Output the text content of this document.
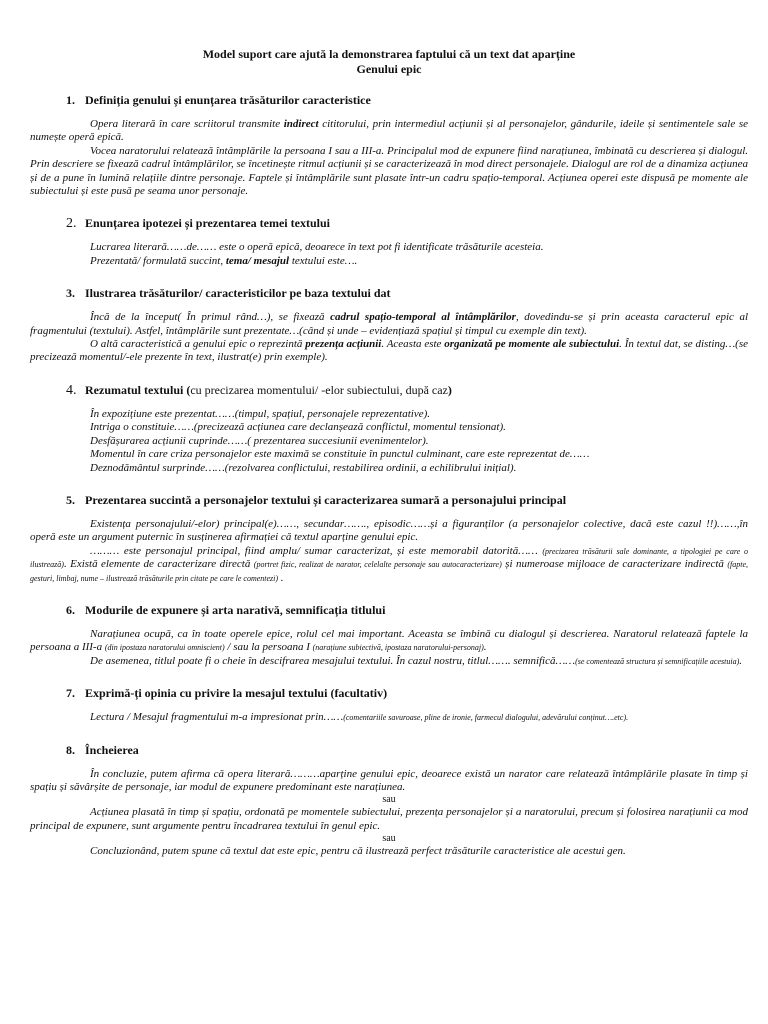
Model suport care ajută la demonstrarea faptului că un text dat aparține
Genului epic
1. Definiția genului și enunțarea trăsăturilor caracteristice
Opera literară în care scriitorul transmite indirect cititorului, prin intermediul acțiunii și al personajelor, gândurile, ideile și sentimentele sale se numește operă epică.
Vocea naratorului relatează întâmplările la persoana I sau a III-a. Principalul mod de expunere fiind narațiunea, îmbinată cu descrierea și dialogul. Prin descriere se fixează cadrul întâmplărilor, se încetinește ritmul acțiunii și se caracterizează în mod direct personajele. Dialogul are rol de a dinamiza acțiunea și de a pune în lumină relațiile dintre personaje. Faptele și întâmplările sunt plasate într-un cadru spațio-temporal. Acțiunea operei este dispusă pe momente ale subiectului și este pusă pe seama unor personaje.
2. Enunțarea ipotezei și prezentarea temei textului
Lucrarea literară……de…… este o operă epică, deoarece în text pot fi identificate trăsăturile acesteia.
Prezentată/ formulată succint, tema/ mesajul textului este….
3. Ilustrarea trăsăturilor/ caracteristicilor pe baza textului dat
Încă de la început( În primul rând…), se fixează cadrul spațio-temporal al întâmplărilor, dovedindu-se și prin aceasta caracterul epic al fragmentului (textului). Astfel, întâmplările sunt prezentate…(când și unde – evidențiază spațiul și timpul cu exemple din text).
O altă caracteristică a genului epic o reprezintă prezența acțiunii. Aceasta este organizată pe momente ale subiectului. În textul dat, se disting…(se precizează momentul/-ele prezente în text, ilustrat(e) prin exemple).
4. Rezumatul textului (cu precizarea momentului/ -elor subiectului, după caz)
În expozițiune este prezentat……(timpul, spațiul, personajele reprezentative).
Intriga o constituie……(precizează acțiunea care declanșează conflictul, momentul tensionat).
Desfășurarea acțiunii cuprinde……( prezentarea succesiunii evenimentelor).
Momentul în care criza personajelor este maximă se constituie în punctul culminant, care este reprezentat de……
Deznodământul surprinde……(rezolvarea conflictului, restabilirea ordinii, a echilibrului inițial).
5. Prezentarea succintă a personajelor textului și caracterizarea sumară a personajului principal
Existența personajului/-elor) principal(e)……, secundar……., episodic……și a figuranților (a personajelor colective, dacă este cazul !!)……,în operă este un argument puternic în susținerea afirmației că textul aparține genului epic.
……… este personajul principal, fiind amplu/ sumar caracterizat, și este memorabil datorită…… (precizarea trăsăturii sale dominante, a tipologiei pe care o ilustrează). Există elemente de caracterizare directă (portret fizic, realizat de narator, celelalte personaje sau autocaracterizare) și numeroase mijloace de caracterizare indirectă (fapte, gesturi, limbaj, nume – ilustrează trăsăturile prin citate pe care le comentezi) .
6. Modurile de expunere și arta narativă, semnificația titlului
Narațiunea ocupă, ca în toate operele epice, rolul cel mai important. Aceasta se îmbină cu dialogul și descrierea. Naratorul relatează faptele la persoana a III-a (din ipostaza naratorului omniscient) / sau la persoana I (narațiune subiectivă, ipostaza naratorului-personaj).
De asemenea, titlul poate fi o cheie în descifrarea mesajului textului. În cazul nostru, titlul……. semnifică……(se comentează structura și semnificațiile acestuia).
7. Exprimă-ți opinia cu privire la mesajul textului (facultativ)
Lectura / Mesajul fragmentului m-a impresionat prin……(comentariile savuroase, pline de ironie, farmecul dialogului, adevărului conținut….etc).
8. Încheierea
În concluzie, putem afirma că opera literară………aparține genului epic, deoarece există un narator care relatează întâmplările plasate în timp și spațiu și săvârșite de personaje, iar modul de expunere predominant este narațiunea.
sau
Acțiunea plasată în timp și spațiu, ordonată pe momentele subiectului, prezența personajelor și a naratorului, precum și folosirea narațiunii ca mod principal de expunere, sunt argumente pentru încadrarea textului în genul epic.
sau
Concluzionând, putem spune că textul dat este epic, pentru că ilustrează perfect trăsăturile caracteristice ale acestui gen.
